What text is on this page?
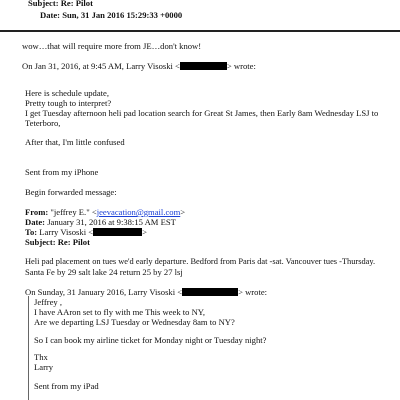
Subject: Re: Pilot
Date: Sun, 31 Jan 2016 15:29:33 +0000
wow…that will require more from JE…don't know!
On Jan 31, 2016, at 9:45 AM, Larry Visoski <	> wrote:
Here is schedule update,
Pretty tough to interpret?
I get Tuesday afternoon heli pad location search for Great St James, then Early 8am Wednesday LSJ to
Teterboro,
After that, I'm little confused
Sent from my iPhone
Begin forwarded message:
From: "jeffrey E." <jeevacation@gmail.com>
Date: January 31, 2016 at 9:38:15 AM EST
To: Larry Visoski <	>
Subject: Re: Pilot
Heli pad placement on tues we'd early departure. Bedford from Paris dat -sat. Vancouver tues -Thursday.
Santa Fe by 29 salt lake 24 return 25 by 27 lsj
On Sunday, 31 January 2016, Larry Visoski <	> wrote:
Jeffrey ,
I have AAron set to fly with me This week to NY,
Are we departing LSJ Tuesday or Wednesday 8am to NY?
So I can book my airline ticket for Monday night or Tuesday night?
Thx
Larry
Sent from my iPad
